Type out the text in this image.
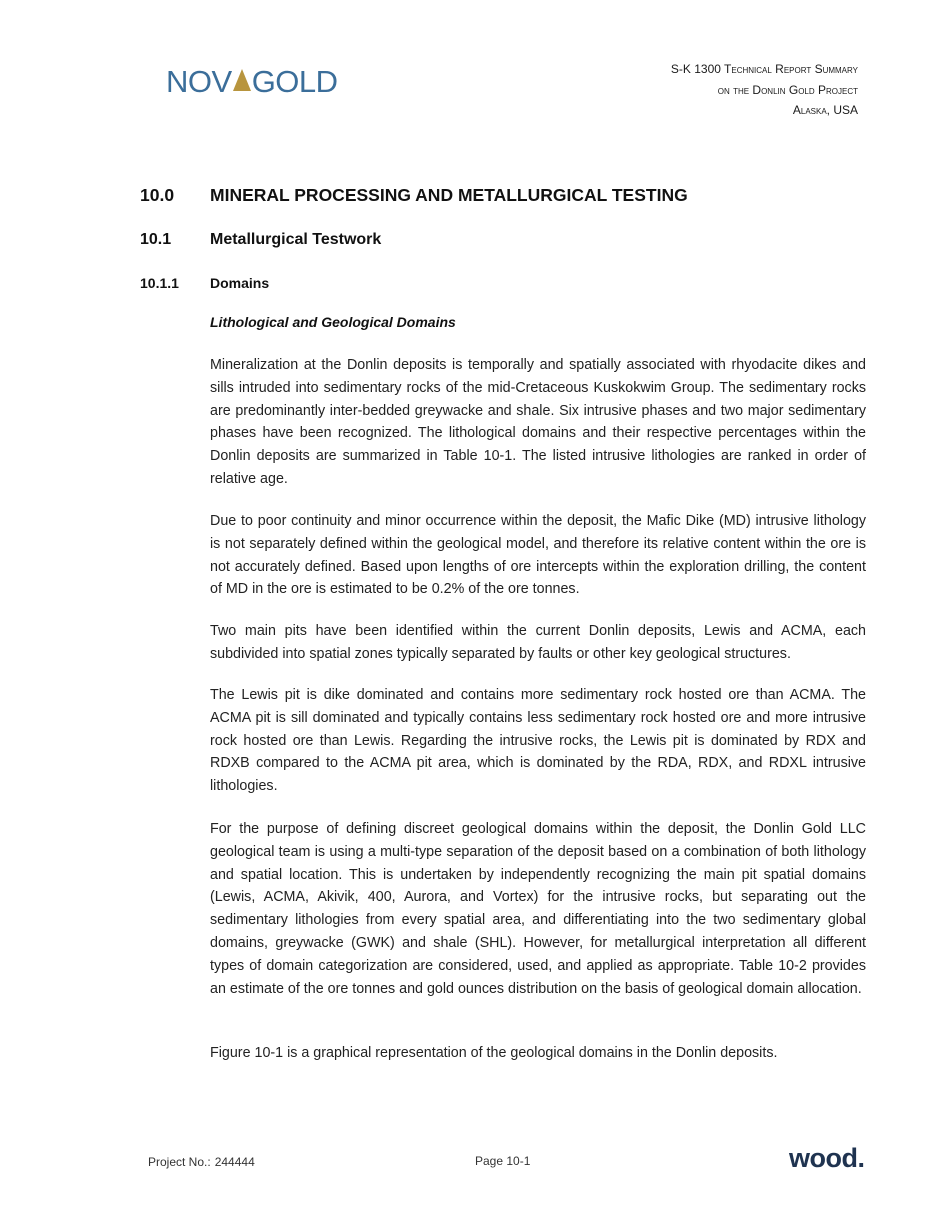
NOV GOLD	S-K 1300 Technical Report Summary
on the Donlin Gold Project
Alaska, USA
10.0 MINERAL PROCESSING AND METALLURGICAL TESTING
10.1 Metallurgical Testwork
10.1.1 Domains
Lithological and Geological Domains
Mineralization at the Donlin deposits is temporally and spatially associated with rhyodacite dikes and sills intruded into sedimentary rocks of the mid-Cretaceous Kuskokwim Group. The sedimentary rocks are predominantly inter-bedded greywacke and shale. Six intrusive phases and two major sedimentary phases have been recognized. The lithological domains and their respective percentages within the Donlin deposits are summarized in Table 10-1. The listed intrusive lithologies are ranked in order of relative age.
Due to poor continuity and minor occurrence within the deposit, the Mafic Dike (MD) intrusive lithology is not separately defined within the geological model, and therefore its relative content within the ore is not accurately defined. Based upon lengths of ore intercepts within the exploration drilling, the content of MD in the ore is estimated to be 0.2% of the ore tonnes.
Two main pits have been identified within the current Donlin deposits, Lewis and ACMA, each subdivided into spatial zones typically separated by faults or other key geological structures.
The Lewis pit is dike dominated and contains more sedimentary rock hosted ore than ACMA. The ACMA pit is sill dominated and typically contains less sedimentary rock hosted ore and more intrusive rock hosted ore than Lewis. Regarding the intrusive rocks, the Lewis pit is dominated by RDX and RDXB compared to the ACMA pit area, which is dominated by the RDA, RDX, and RDXL intrusive lithologies.
For the purpose of defining discreet geological domains within the deposit, the Donlin Gold LLC geological team is using a multi-type separation of the deposit based on a combination of both lithology and spatial location. This is undertaken by independently recognizing the main pit spatial domains (Lewis, ACMA, Akivik, 400, Aurora, and Vortex) for the intrusive rocks, but separating out the sedimentary lithologies from every spatial area, and differentiating into the two sedimentary global domains, greywacke (GWK) and shale (SHL). However, for metallurgical interpretation all different types of domain categorization are considered, used, and applied as appropriate. Table 10-2 provides an estimate of the ore tonnes and gold ounces distribution on the basis of geological domain allocation.
Figure 10-1 is a graphical representation of the geological domains in the Donlin deposits.
Project No.: 244444	Page 10-1	wood.
